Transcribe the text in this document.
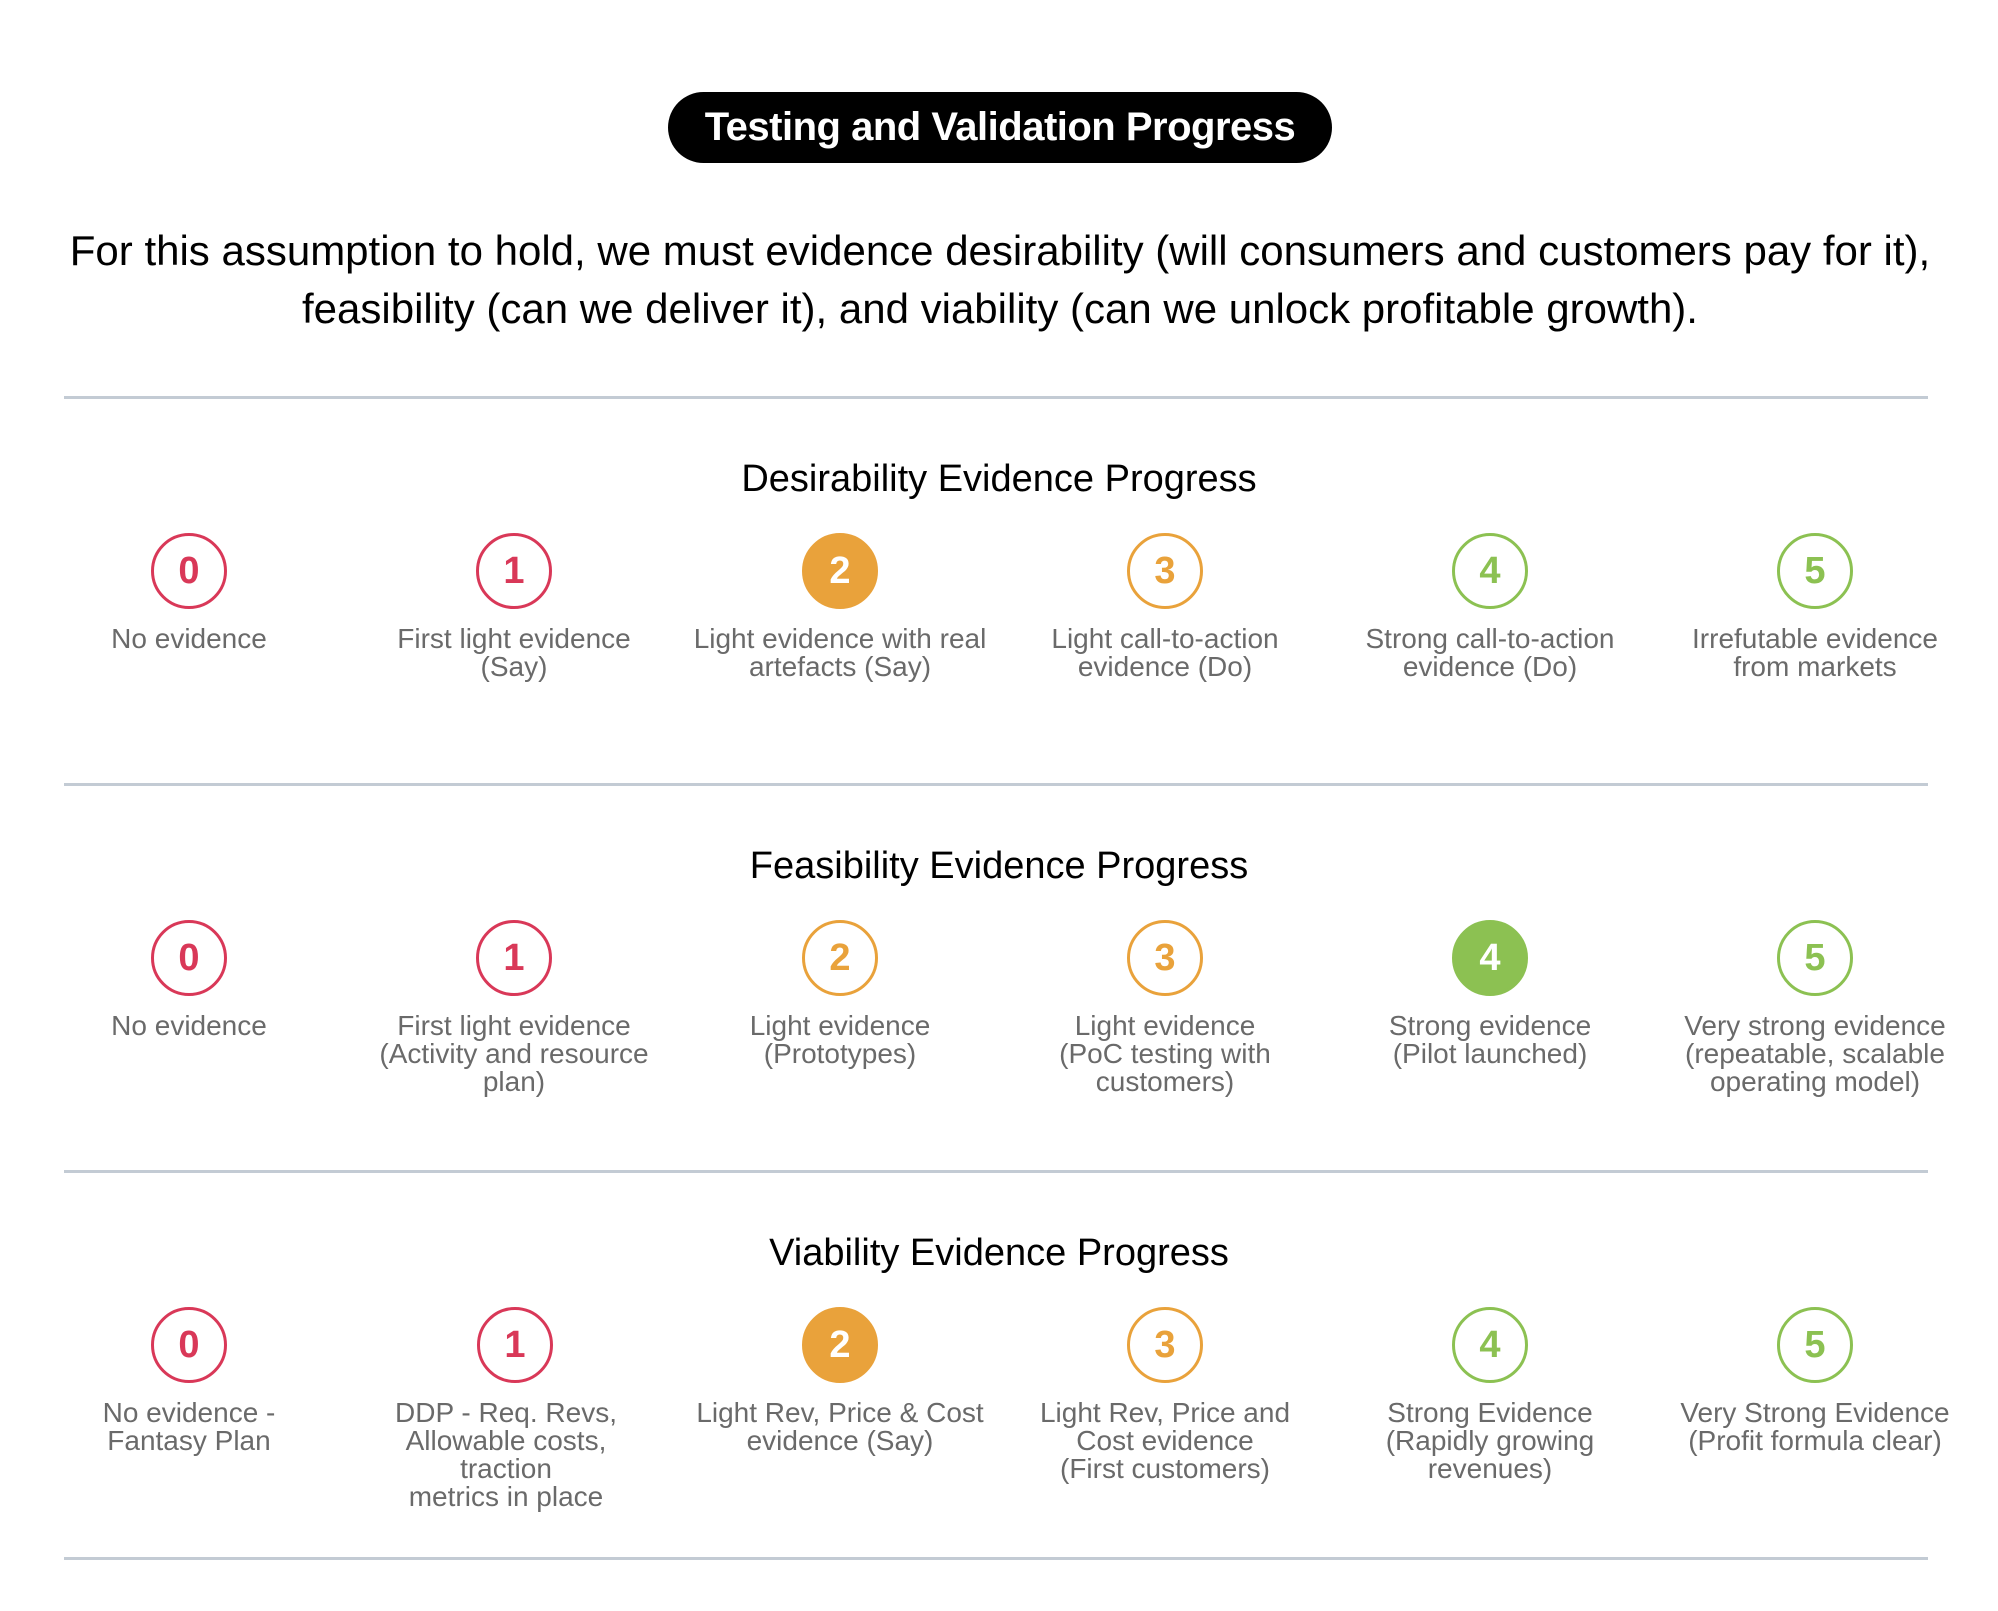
Testing and Validation Progress
For this assumption to hold, we must evidence desirability (will consumers and customers pay for it),
feasibility (can we deliver it), and viability (can we unlock profitable growth).
Desirability Evidence Progress
0
No evidence
1
First light evidence
(Say)
2
Light evidence with real
artefacts (Say)
3
Light call-to-action
evidence (Do)
4
Strong call-to-action
evidence (Do)
5
Irrefutable evidence
from markets
Feasibility Evidence Progress
0
No evidence
1
First light evidence
(Activity and resource
plan)
2
Light evidence
(Prototypes)
3
Light evidence
(PoC testing with customers)
4
Strong evidence
(Pilot launched)
5
Very strong evidence
(repeatable, scalable
operating model)
Viability Evidence Progress
0
No evidence -
Fantasy Plan
1
DDP - Req. Revs,
Allowable costs, traction
metrics in place
2
Light Rev, Price & Cost
evidence (Say)
3
Light Rev, Price and
Cost evidence
(First customers)
4
Strong Evidence
(Rapidly growing
revenues)
5
Very Strong Evidence
(Profit formula clear)
